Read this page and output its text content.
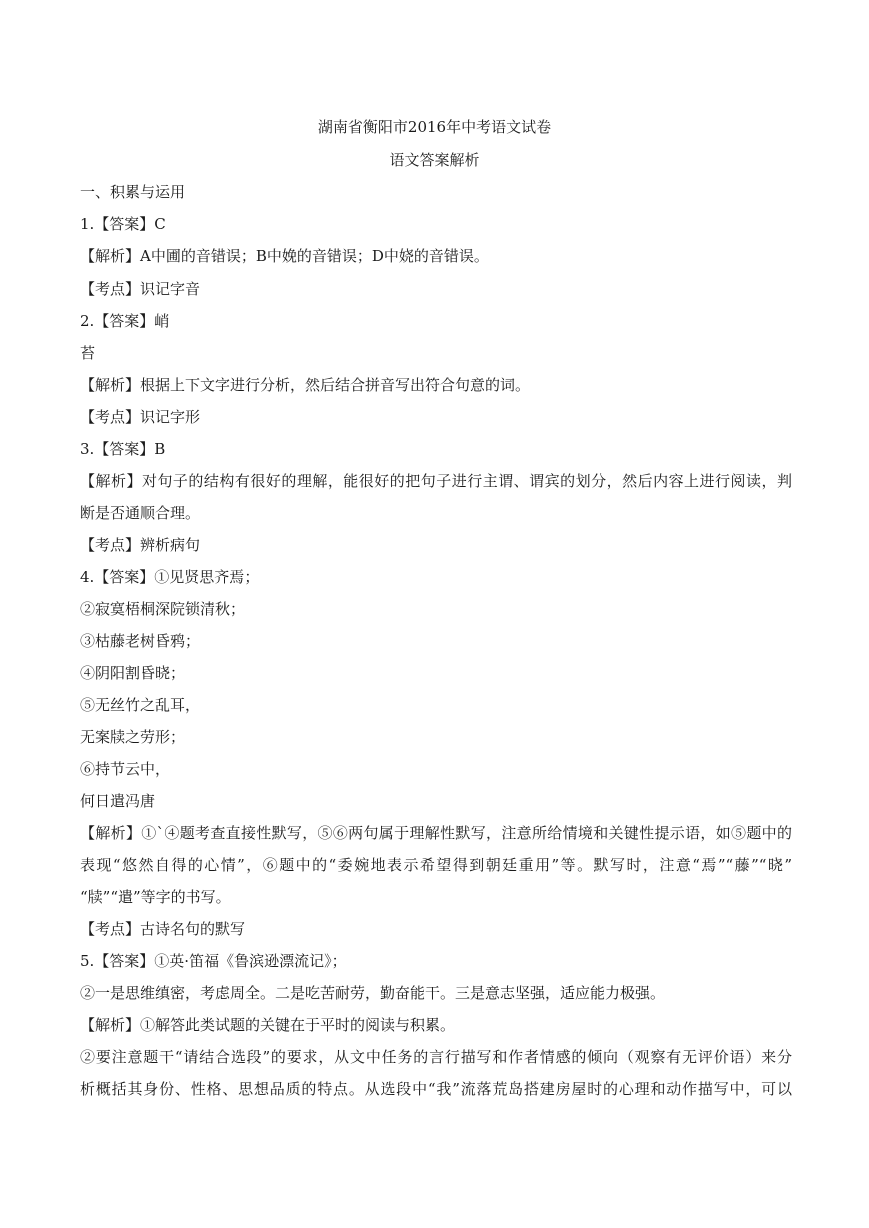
湖南省衡阳市2016年中考语文试卷
语文答案解析
一、积累与运用
1.【答案】C
【解析】A中圃的音错误；B中娩的音错误；D中娆的音错误。
【考点】识记字音
2.【答案】峭
苔
【解析】根据上下文字进行分析，然后结合拼音写出符合句意的词。
【考点】识记字形
3.【答案】B
【解析】对句子的结构有很好的理解，能很好的把句子进行主谓、谓宾的划分，然后内容上进行阅读，判
断是否通顺合理。
【考点】辨析病句
4.【答案】①见贤思齐焉；
②寂寞梧桐深院锁清秋；
③枯藤老树昏鸦；
④阴阳割昏晓；
⑤无丝竹之乱耳，
无案牍之劳形；
⑥持节云中，
何日遣冯唐
【解析】①`④题考查直接性默写，⑤⑥两句属于理解性默写，注意所给情境和关键性提示语，如⑤题中的
表现“悠然自得的心情”，⑥题中的“委婉地表示希望得到朝廷重用”等。默写时，注意“焉”“藤”“晓”
“牍”“遣”等字的书写。
【考点】古诗名句的默写
5.【答案】①英·笛福《鲁滨逊漂流记》；
②一是思维缜密，考虑周全。二是吃苦耐劳，勤奋能干。三是意志坚强，适应能力极强。
【解析】①解答此类试题的关键在于平时的阅读与积累。
②要注意题干“请结合选段”的要求，从文中任务的言行描写和作者情感的倾向（观察有无评价语）来分
析概括其身份、性格、思想品质的特点。从选段中“我”流落荒岛搭建房屋时的心理和动作描写中，可以
